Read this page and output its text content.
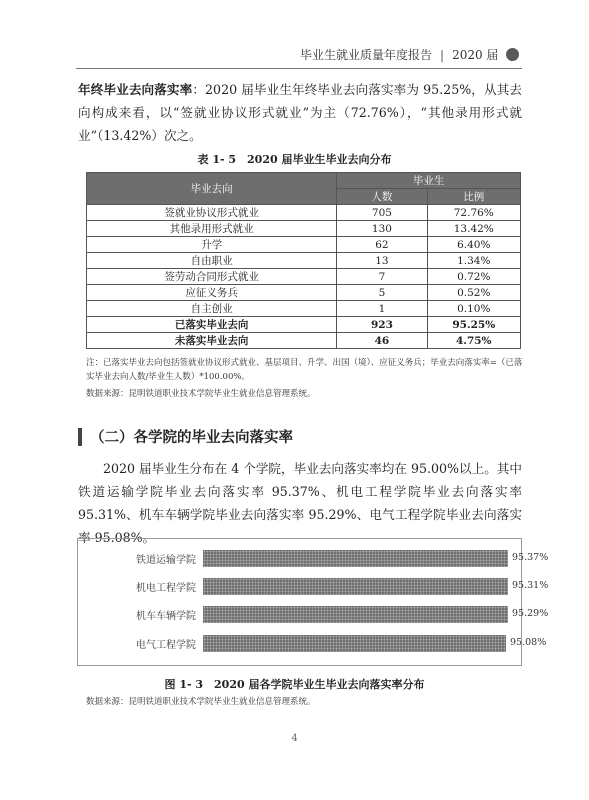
毕业生就业质量年度报告 | 2020 届
年终毕业去向落实率：2020 届毕业生年终毕业去向落实率为 95.25%，从其去向构成来看，以“签就业协议形式就业”为主（72.76%），“其他录用形式就业”（13.42%）次之。
表 1- 5　2020 届毕业生毕业去向分布
毕业去向	毕业生	
	人数	比例
签就业协议形式就业	705	72.76%
其他录用形式就业	130	13.42%
升学	62	6.40%
自由职业	13	1.34%
签劳动合同形式就业	7	0.72%
应征义务兵	5	0.52%
自主创业	1	0.10%
已落实毕业去向	923	95.25%
未落实毕业去向	46	4.75%
注：已落实毕业去向包括签就业协议形式就业、基层项目、升学、出国（境）、应征义务兵；毕业去向落实率=（已落实毕业去向人数/毕业生人数）*100.00%。
数据来源：昆明铁道职业技术学院毕业生就业信息管理系统。
（二）各学院的毕业去向落实率
2020 届毕业生分布在 4 个学院，毕业去向落实率均在 95.00%以上。其中铁道运输学院毕业去向落实率 95.37%、机电工程学院毕业去向落实率 95.31%、机车车辆学院毕业去向落实率 95.29%、电气工程学院毕业去向落实率 95.08%。
铁道运输学院	95.37%
机电工程学院	95.31%
机车车辆学院	95.29%
电气工程学院	95.08%
图 1- 3　2020 届各学院毕业生毕业去向落实率分布
数据来源：昆明铁道职业技术学院毕业生就业信息管理系统。
4
